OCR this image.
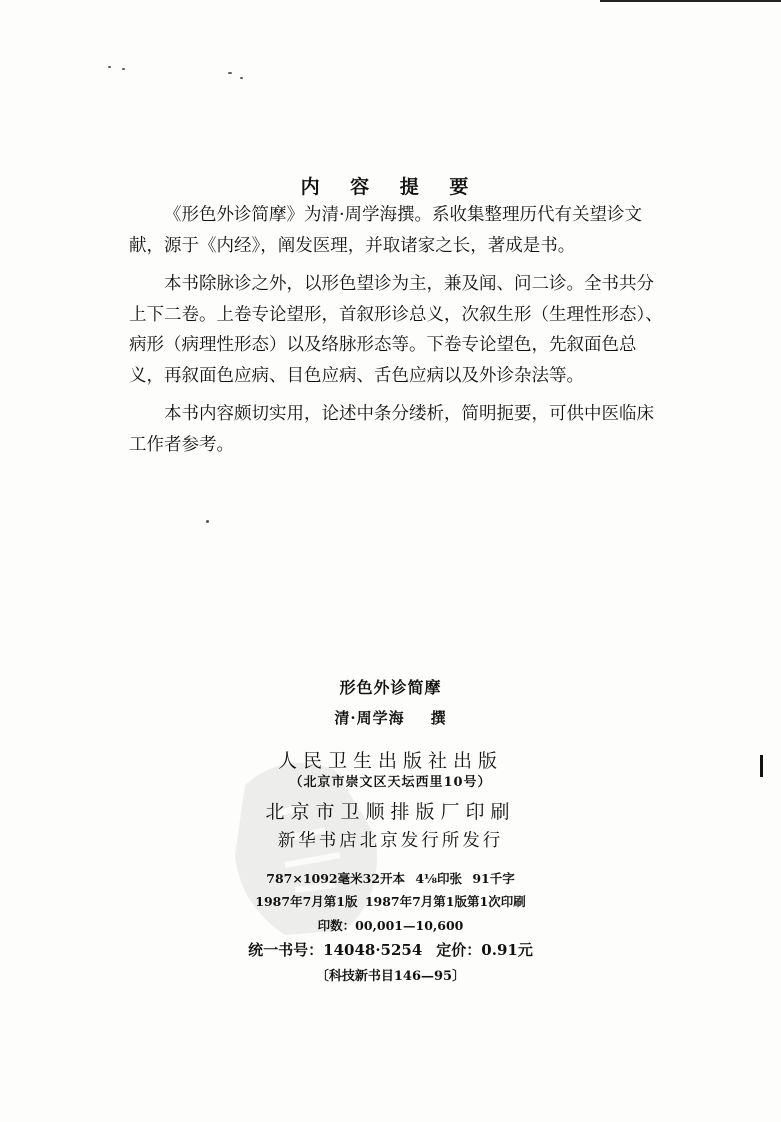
内 容 提 要

《形色外诊简摩》为清·周学海撰。系收集整理历代有关望诊文献，源于《内经》，阐发医理，并取诸家之长，著成是书。

本书除脉诊之外，以形色望诊为主，兼及闻、问二诊。全书共分上下二卷。上卷专论望形，首叙形诊总义，次叙生形（生理性形态）、病形（病理性形态）以及络脉形态等。下卷专论望色，先叙面色总义，再叙面色应病、目色应病、舌色应病以及外诊杂法等。

本书内容颇切实用，论述中条分缕析，简明扼要，可供中医临床工作者参考。

形色外诊简摩
清·周学海 撰
人民卫生出版社出版
（北京市崇文区天坛西里10号）
北京市卫顺排版厂印刷
新华书店北京发行所发行
787×1092毫米32开本 4⅛印张 91千字
1987年7月第1版 1987年7月第1版第1次印刷
印数：00,001—10,600
统一书号：14048·5254 定价：0.91元
〔科技新书目146—95〕
